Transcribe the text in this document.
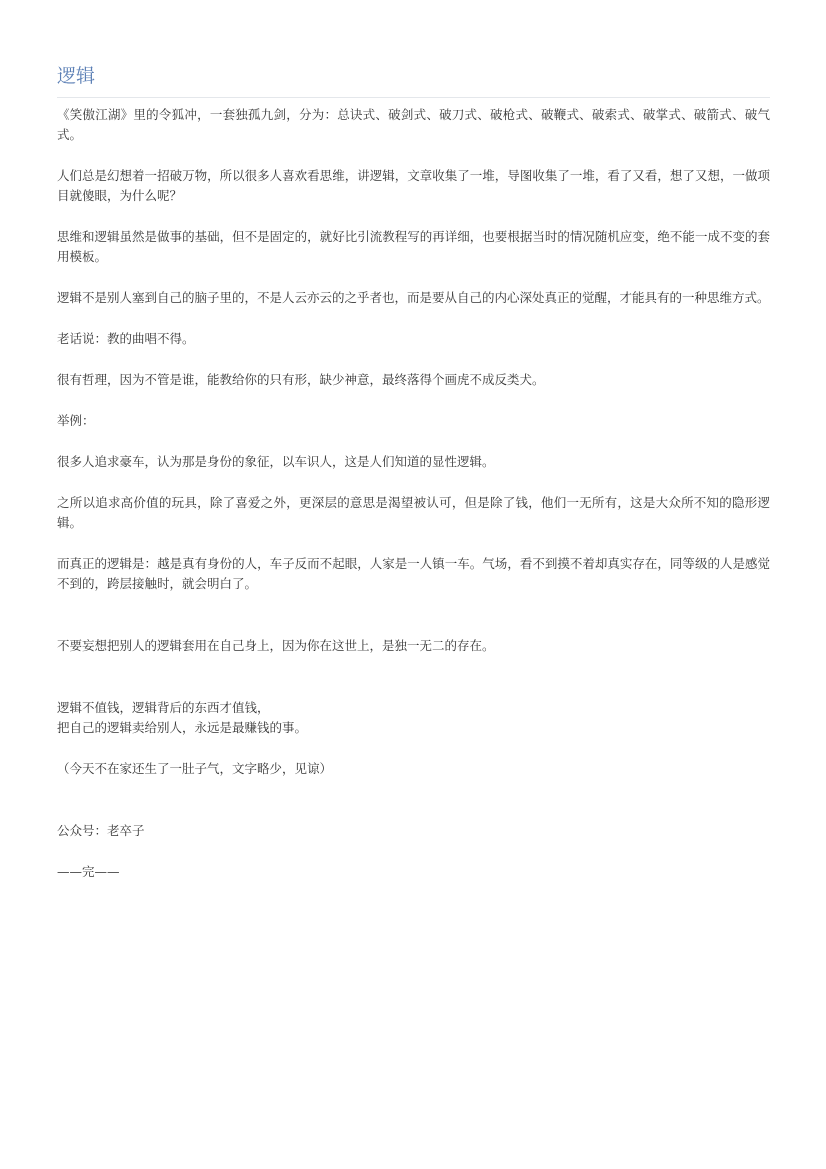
逻辑

《笑傲江湖》里的令狐冲，一套独孤九剑，分为：总诀式、破剑式、破刀式、破枪式、破鞭式、破索式、破掌式、破箭式、破气式。

人们总是幻想着一招破万物，所以很多人喜欢看思维，讲逻辑，文章收集了一堆，导图收集了一堆，看了又看，想了又想，一做项目就傻眼，为什么呢？

思维和逻辑虽然是做事的基础，但不是固定的，就好比引流教程写的再详细，也要根据当时的情况随机应变，绝不能一成不变的套用模板。

逻辑不是别人塞到自己的脑子里的，不是人云亦云的之乎者也，而是要从自己的内心深处真正的觉醒，才能具有的一种思维方式。

老话说：教的曲唱不得。

很有哲理，因为不管是谁，能教给你的只有形，缺少神意，最终落得个画虎不成反类犬。

举例：

很多人追求豪车，认为那是身份的象征，以车识人，这是人们知道的显性逻辑。

之所以追求高价值的玩具，除了喜爱之外，更深层的意思是渴望被认可，但是除了钱，他们一无所有，这是大众所不知的隐形逻辑。

而真正的逻辑是：越是真有身份的人，车子反而不起眼，人家是一人镇一车。气场，看不到摸不着却真实存在，同等级的人是感觉不到的，跨层接触时，就会明白了。

不要妄想把别人的逻辑套用在自己身上，因为你在这世上，是独一无二的存在。

逻辑不值钱，逻辑背后的东西才值钱，
把自己的逻辑卖给别人，永远是最赚钱的事。

（今天不在家还生了一肚子气，文字略少，见谅）

公众号：老卒子

——完——
